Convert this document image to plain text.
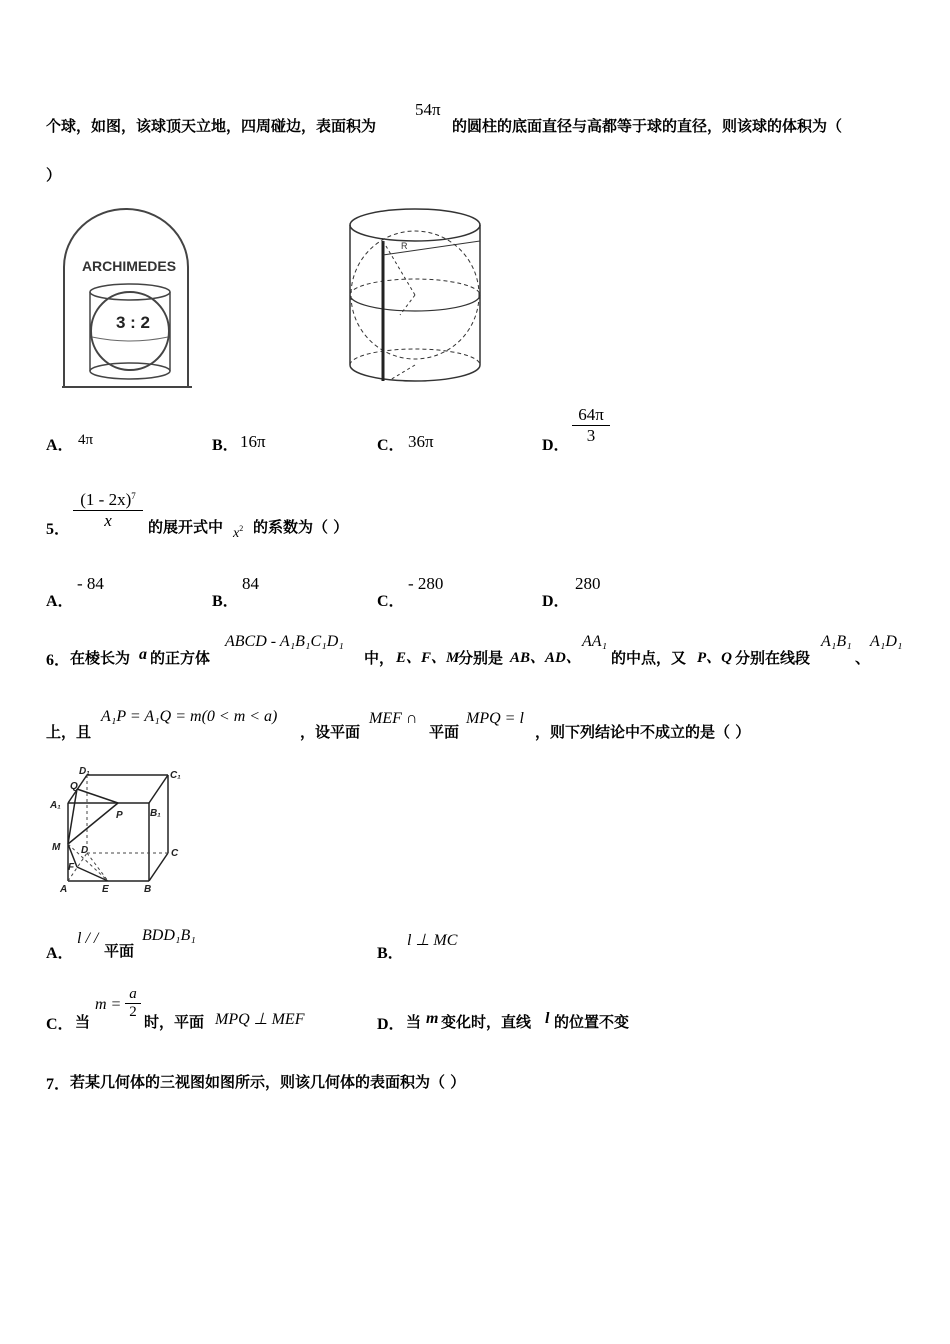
个球，如图，该球顶天立地，四周碰边，表面积为
54π
的圆柱的底面直径与高都等于球的直径，则该球的体积为（
）
ARCHIMEDES
3 : 2
R
A． 4π	B． 16π	C． 36π	D． $\frac{64\pi}{3}$
5． $\frac{(1 - 2x)^7}{x}$ 的展开式中 $x^2$ 的系数为（ ）
A．
- 84
B．
84
C．
- 280
D．
280
6． 在棱长为 a 的正方体
ABCD - A₁B₁C₁D₁
中， E、F、M
分别是 AB、AD、
AA₁
的中点，又 P、Q 分别在线段
A₁B₁
、
A₁D₁
上，且
A₁P = A₁Q = m(0 < m < a)
，设平面
MEF ∩
平面
MPQ = l
，则下列结论中不成立的是（ ）
D₁	C₁
Q
A₁
P	B₁
M D	C
F
A	E	B
A．
l / /
平面
BDD₁B₁
B．
l ⊥ MC
C． 当
$m = \frac{a}{2}$
时，平面 MPQ ⊥ MEF	D． 当 m 变化时，直线 l 的位置不变
7． 若某几何体的三视图如图所示，则该几何体的表面积为（ ）
